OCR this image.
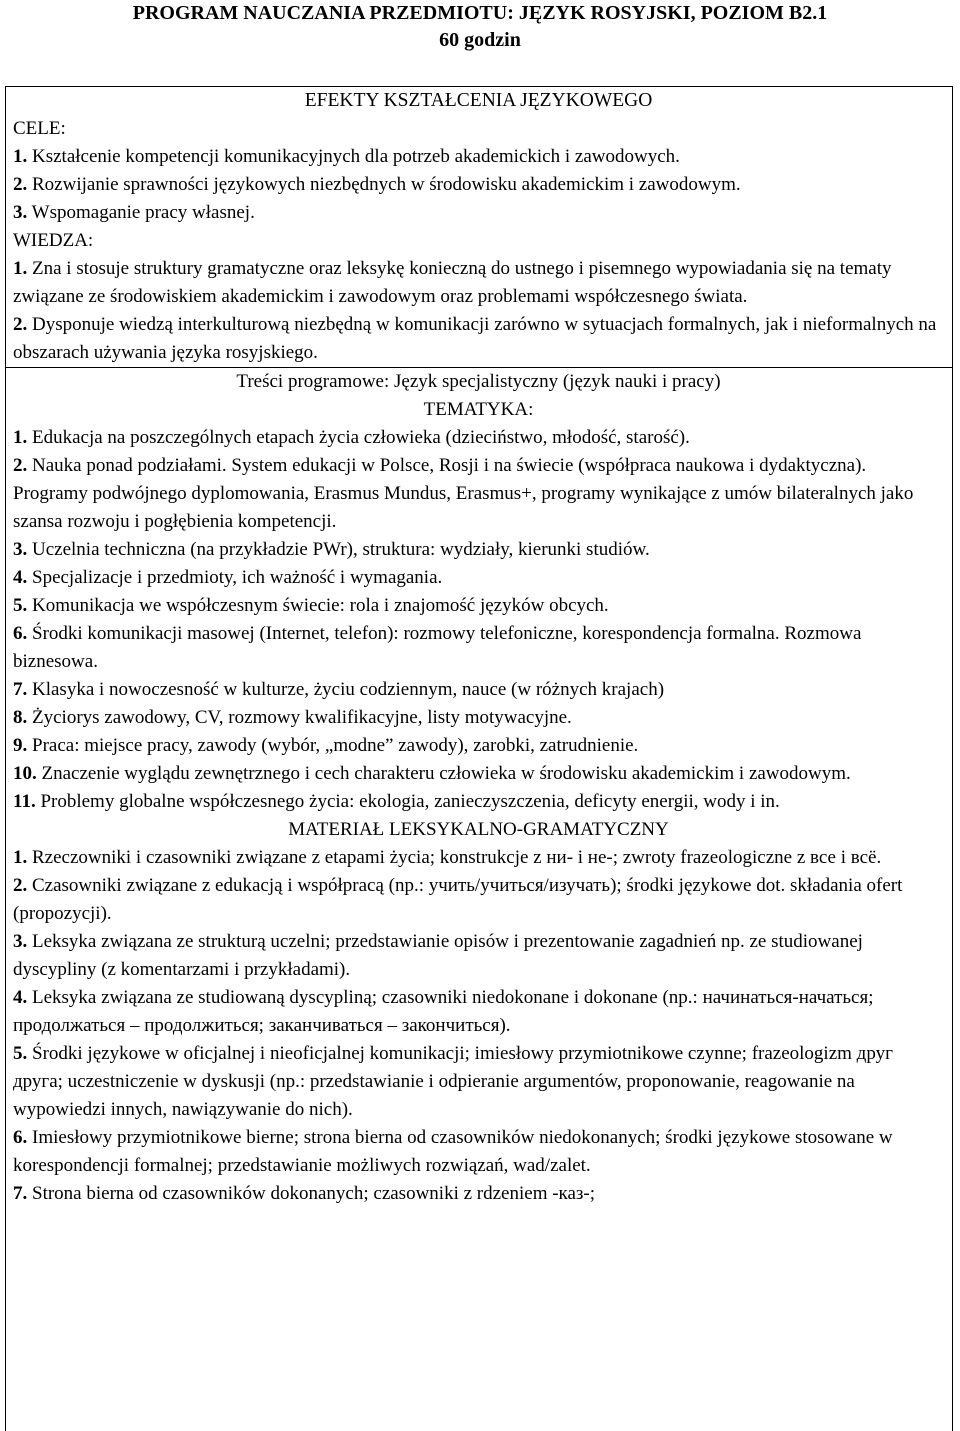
PROGRAM NAUCZANIA PRZEDMIOTU: JĘZYK ROSYJSKI, POZIOM B2.1
60 godzin
EFEKTY KSZTAŁCENIA JĘZYKOWEGO

CELE:

1. Kształcenie kompetencji komunikacyjnych dla potrzeb akademickich i zawodowych.

2. Rozwijanie sprawności językowych niezbędnych w środowisku akademickim i zawodowym.

3. Wspomaganie pracy własnej.

WIEDZA:

1. Zna i stosuje struktury gramatyczne oraz leksykę konieczną do ustnego i pisemnego wypowiadania się na tematy związane ze środowiskiem akademickim i zawodowym oraz problemami współczesnego świata.

2. Dysponuje wiedzą interkulturową niezbędną w komunikacji zarówno w sytuacjach formalnych, jak i nieformalnych na obszarach używania języka rosyjskiego.

Treści programowe: Język specjalistyczny (język nauki i pracy)
TEMATYKA:

1. Edukacja na poszczególnych etapach życia człowieka (dzieciństwo, młodość, starość).

2. Nauka ponad podziałami. System edukacji w Polsce, Rosji i na świecie (współpraca naukowa i dydaktyczna). Programy podwójnego dyplomowania, Erasmus Mundus, Erasmus+, programy wynikające z umów bilateralnych jako szansa rozwoju i pogłębienia kompetencji.

3. Uczelnia techniczna (na przykładzie PWr), struktura: wydziały, kierunki studiów.

4. Specjalizacje i przedmioty, ich ważność i wymagania.

5. Komunikacja we współczesnym świecie: rola i znajomość języków obcych.

6. Środki komunikacji masowej (Internet, telefon): rozmowy telefoniczne, korespondencja formalna. Rozmowa biznesowa.

7. Klasyka i nowoczesność w kulturze, życiu codziennym, nauce (w różnych krajach)

8. Życiorys zawodowy, CV, rozmowy kwalifikacyjne, listy motywacyjne.

9. Praca: miejsce pracy, zawody (wybór, „modne” zawody), zarobki, zatrudnienie.

10. Znaczenie wyglądu zewnętrznego i cech charakteru człowieka w środowisku akademickim i zawodowym.

11. Problemy globalne współczesnego życia: ekologia, zanieczyszczenia, deficyty energii, wody i in.

MATERIAŁ LEKSYKALNO-GRAMATYCZNY

1. Rzeczowniki i czasowniki związane z etapami życia; konstrukcje z ни- i не-; zwroty frazeologiczne z все i всё.

2. Czasowniki związane z edukacją i współpracą (np.: учить/учиться/изучать); środki językowe dot. składania ofert (propozycji).

3. Leksyka związana ze strukturą uczelni; przedstawianie opisów i prezentowanie zagadnień np. ze studiowanej dyscypliny (z komentarzami i przykładami).

4. Leksyka związana ze studiowaną dyscypliną; czasowniki niedokonane i dokonane (np.: начинаться-начаться; продолжаться – продолжиться; заканчиваться – закончиться).

5. Środki językowe w oficjalnej i nieoficjalnej komunikacji; imiesłowy przymiotnikowe czynne; frazeologizm друг друга; uczestniczenie w dyskusji (np.: przedstawianie i odpieranie argumentów, proponowanie, reagowanie na wypowiedzi innych, nawiązywanie do nich).

6. Imiesłowy przymiotnikowe bierne; strona bierna od czasowników niedokonanych; środki językowe stosowane w korespondencji formalnej; przedstawianie możliwych rozwiązań, wad/zalet.

7. Strona bierna od czasowników dokonanych; czasowniki z rdzeniem -каз-;
